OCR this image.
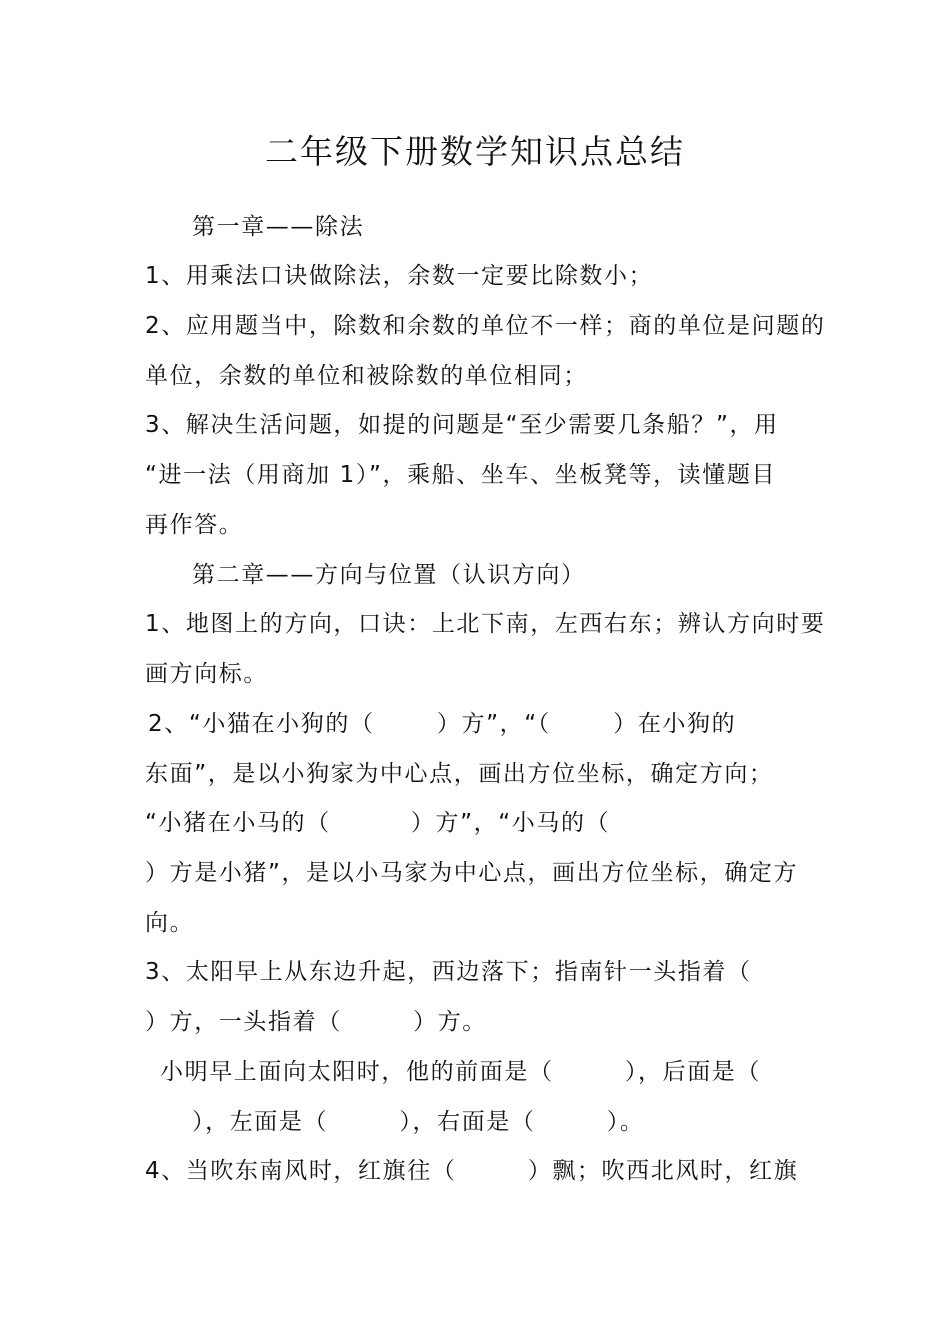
二年级下册数学知识点总结
第一章——除法
1、用乘法口诀做除法，余数一定要比除数小；
2、应用题当中，除数和余数的单位不一样；商的单位是问题的
单位，余数的单位和被除数的单位相同；
3、解决生活问题，如提的问题是“至少需要几条船？”，用
“进一法（用商加 1）”，乘船、坐车、坐板凳等，读懂题目
再作答。
第二章——方向与位置（认识方向）
1、地图上的方向，口诀：上北下南，左西右东；辨认方向时要
画方向标。
2、“小猫在小狗的（       ）方”，“（       ）在小狗的
东面”，是以小狗家为中心点，画出方位坐标，确定方向；
“小猪在小马的（         ）方”，“小马的（
）方是小猪”，是以小马家为中心点，画出方位坐标，确定方
向。
3、太阳早上从东边升起，西边落下；指南针一头指着（
）方，一头指着（        ）方。
小明早上面向太阳时，他的前面是（        ），后面是（
），左面是（        ），右面是（        ）。
4、当吹东南风时，红旗往（        ）飘；吹西北风时，红旗
